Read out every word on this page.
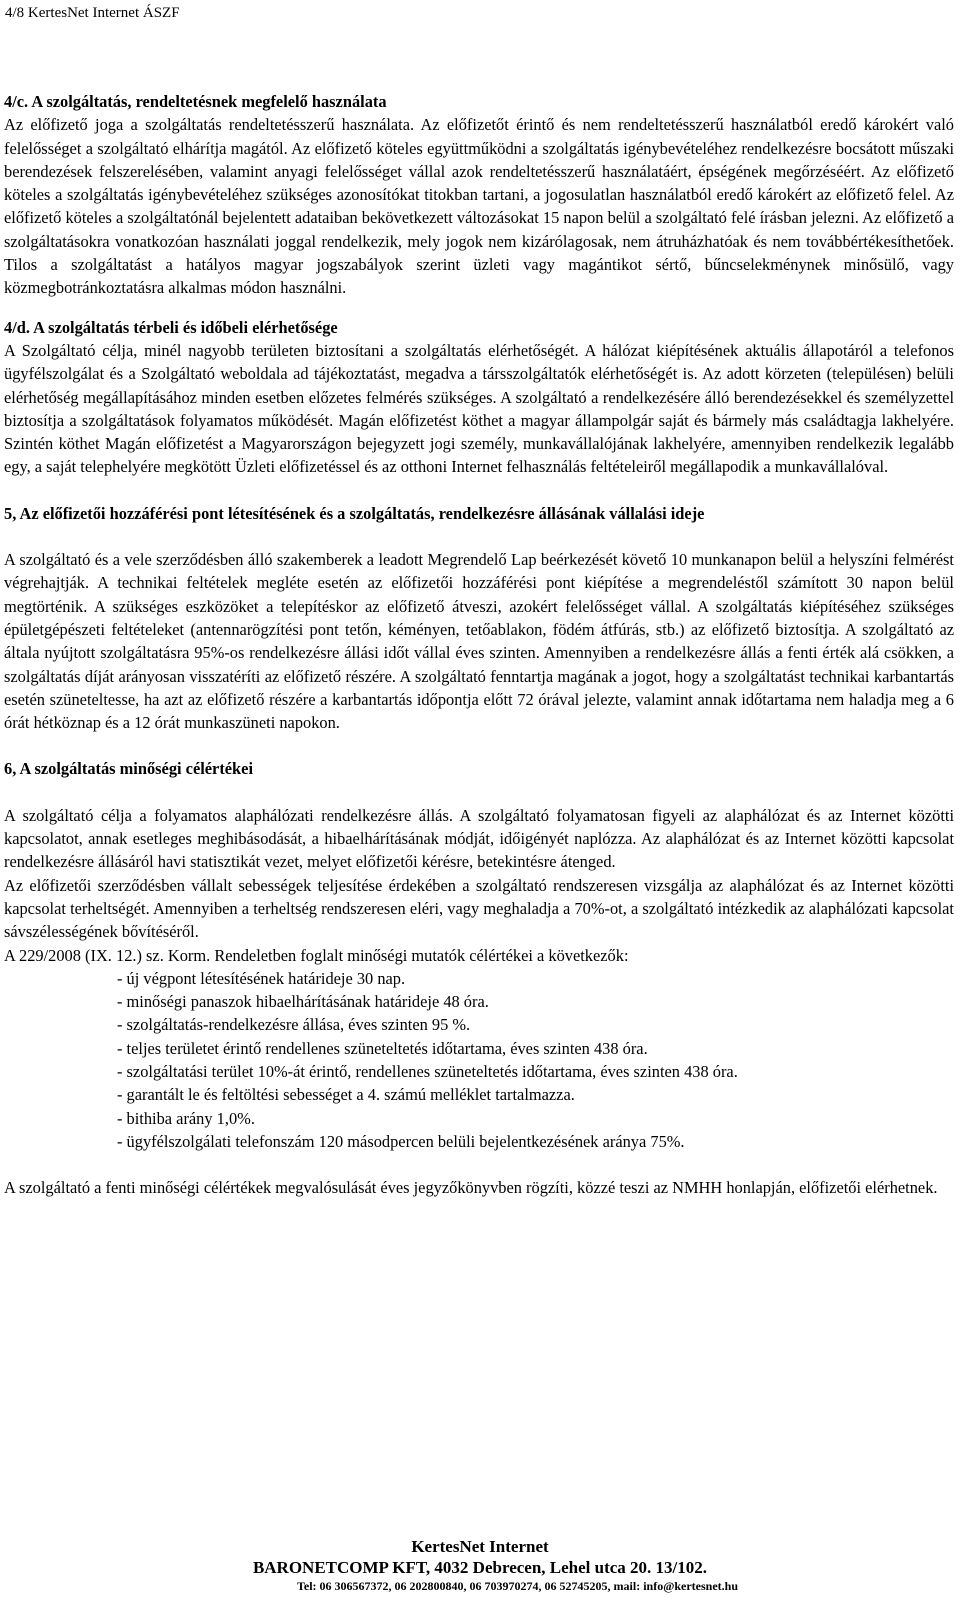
4/8 KertesNet Internet ÁSZF
4/c. A szolgáltatás, rendeltetésnek megfelelő használata

Az előfizető joga a szolgáltatás rendeltetésszerű használata. Az előfizetőt érintő és nem rendeltetésszerű használatból eredő károkért való felelősséget a szolgáltató elhárítja magától. Az előfizető köteles együttműködni a szolgáltatás igénybevételéhez rendelkezésre bocsátott műszaki berendezések felszerelésében, valamint anyagi felelősséget vállal azok rendeltetésszerű használatáért, épségének megőrzéséért. Az előfizető köteles a szolgáltatás igénybevételéhez szükséges azonosítókat titokban tartani, a jogosulatlan használatból eredő károkért az előfizető felel. Az előfizető köteles a szolgáltatónál bejelentett adataiban bekövetkezett változásokat 15 napon belül a szolgáltató felé írásban jelezni. Az előfizető a szolgáltatásokra vonatkozóan használati joggal rendelkezik, mely jogok nem kizárólagosak, nem átruházhatóak és nem továbbértékesíthetőek. Tilos a szolgáltatást a hatályos magyar jogszabályok szerint üzleti vagy magántikot sértő, bűncselekménynek minősülő, vagy közmegbotránkoztatásra alkalmas módon használni.

4/d. A szolgáltatás térbeli és időbeli elérhetősége

A Szolgáltató célja, minél nagyobb területen biztosítani a szolgáltatás elérhetőségét. A hálózat kiépítésének aktuális állapotáról a telefonos ügyfélszolgálat és a Szolgáltató weboldala ad tájékoztatást, megadva a társszolgáltatók elérhetőségét is. Az adott körzeten (településen) belüli elérhetőség megállapításához minden esetben előzetes felmérés szükséges. A szolgáltató a rendelkezésére álló berendezésekkel és személyzettel biztosítja a szolgáltatások folyamatos működését. Magán előfizetést köthet a magyar állampolgár saját és bármely más családtagja lakhelyére. Szintén köthet Magán előfizetést a Magyarországon bejegyzett jogi személy, munkavállalójának lakhelyére, amennyiben rendelkezik legalább egy, a saját telephelyére megkötött Üzleti előfizetéssel és az otthoni Internet felhasználás feltételeiről megállapodik a munkavállalóval.

5, Az előfizetői hozzáférési pont létesítésének és a szolgáltatás, rendelkezésre állásának vállalási ideje

A szolgáltató és a vele szerződésben álló szakemberek a leadott Megrendelő Lap beérkezését követő 10 munkanapon belül a helyszíni felmérést végrehajtják. A technikai feltételek megléte esetén az előfizetői hozzáférési pont kiépítése a megrendeléstől számított 30 napon belül megtörténik. A szükséges eszközöket a telepítéskor az előfizető átveszi, azokért felelősséget vállal. A szolgáltatás kiépítéséhez szükséges épületgépészeti feltételeket (antennarögzítési pont tetőn, kéményen, tetőablakon, födém átfúrás, stb.) az előfizető biztosítja. A szolgáltató az általa nyújtott szolgáltatásra 95%-os rendelkezésre állási időt vállal éves szinten. Amennyiben a rendelkezésre állás a fenti érték alá csökken, a szolgáltatás díját arányosan visszatéríti az előfizető részére. A szolgáltató fenntartja magának a jogot, hogy a szolgáltatást technikai karbantartás esetén szüneteltesse, ha azt az előfizető részére a karbantartás időpontja előtt 72 órával jelezte, valamint annak időtartama nem haladja meg a 6 órát hétköznap és a 12 órát munkaszüneti napokon.

6, A szolgáltatás minőségi célértékei

A szolgáltató célja a folyamatos alaphálózati rendelkezésre állás. A szolgáltató folyamatosan figyeli az alaphálózat és az Internet közötti kapcsolatot, annak esetleges meghibásodását, a hibaelhárításának módját, időigényét naplózza. Az alaphálózat és az Internet közötti kapcsolat rendelkezésre állásáról havi statisztikát vezet, melyet előfizetői kérésre, betekintésre átenged.

Az előfizetői szerződésben vállalt sebességek teljesítése érdekében a szolgáltató rendszeresen vizsgálja az alaphálózat és az Internet közötti kapcsolat terheltségét. Amennyiben a terheltség rendszeresen eléri, vagy meghaladja a 70%-ot, a szolgáltató intézkedik az alaphálózati kapcsolat sávszélességének bővítéséről.

A 229/2008 (IX. 12.) sz. Korm. Rendeletben foglalt minőségi mutatók célértékei a következők:

- új végpont létesítésének határideje 30 nap.
- minőségi panaszok hibaelhárításának határideje 48 óra.
- szolgáltatás-rendelkezésre állása, éves szinten 95 %.
- teljes területet érintő rendellenes szüneteltetés időtartama, éves szinten 438 óra.
- szolgáltatási terület 10%-át érintő, rendellenes szüneteltetés időtartama, éves szinten 438 óra.
- garantált le és feltöltési sebességet a 4. számú melléklet tartalmazza.
- bithiba arány 1,0%.
- ügyfélszolgálati telefonszám 120 másodpercen belüli bejelentkezésének aránya 75%.

A szolgáltató a fenti minőségi célértékek megvalósulását éves jegyzőkönyvben rögzíti, közzé teszi az NMHH honlapján, előfizetői elérhetnek.

KertesNet Internet
BARONETCOMP KFT, 4032 Debrecen, Lehel utca 20. 13/102.
Tel: 06 306567372, 06 202800840, 06 703970274, 06 52745205, mail: info@kertesnet.hu
